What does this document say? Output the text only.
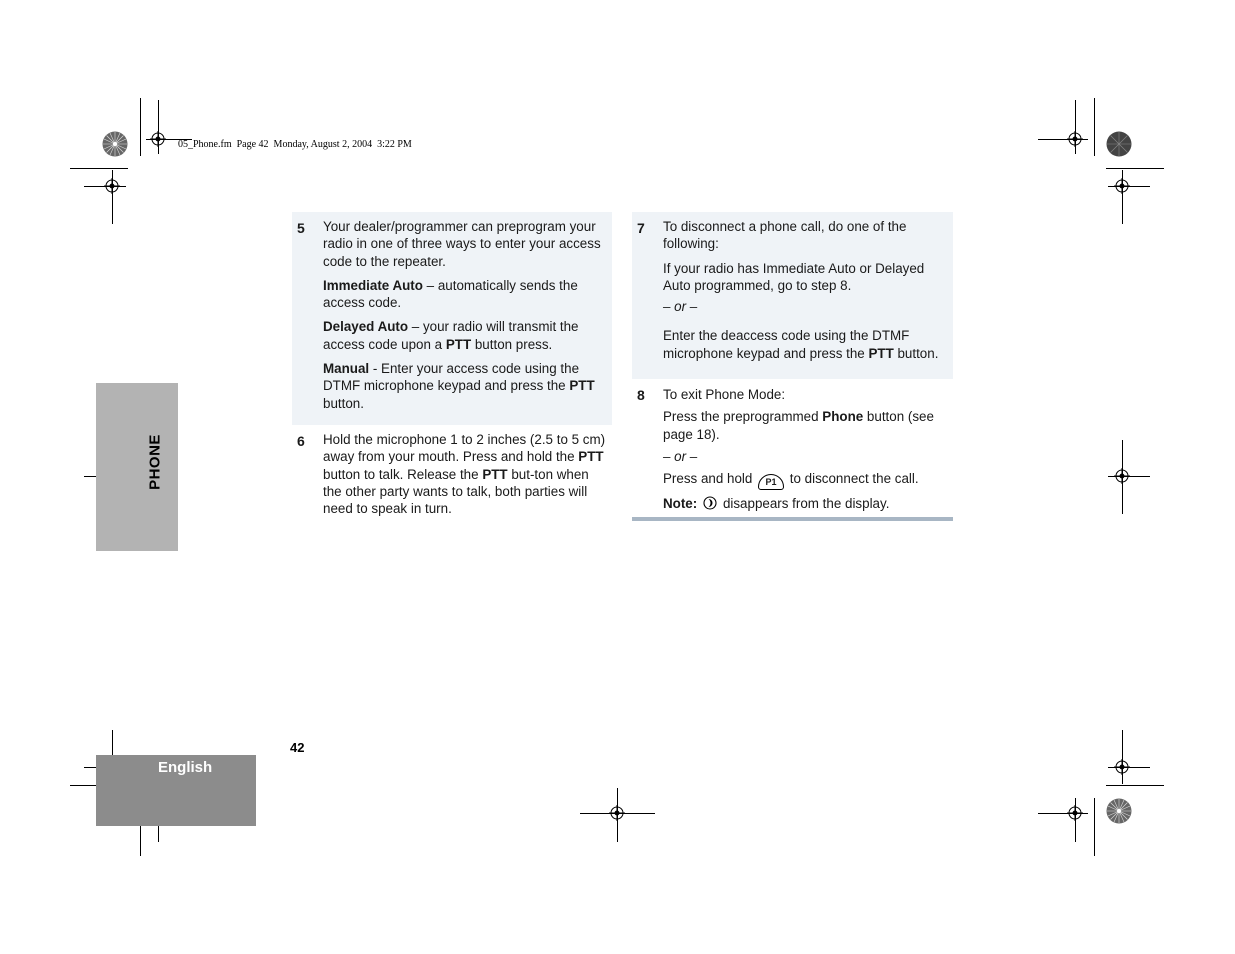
05_Phone.fm  Page 42  Monday, August 2, 2004  3:22 PM
PHONE
English
42
5 Your dealer/programmer can preprogram your radio in one of three ways to enter your access code to the repeater.

Immediate Auto – automatically sends the access code.

Delayed Auto – your radio will transmit the access code upon a PTT button press.

Manual - Enter your access code using the DTMF microphone keypad and press the PTT button.

6 Hold the microphone 1 to 2 inches (2.5 to 5 cm) away from your mouth. Press and hold the PTT button to talk. Release the PTT but-ton when the other party wants to talk, both parties will need to speak in turn.

7 To disconnect a phone call, do one of the following:

If your radio has Immediate Auto or Delayed Auto programmed, go to step 8.

– or –

Enter the deaccess code using the DTMF microphone keypad and press the PTT button.

8 To exit Phone Mode:

Press the preprogrammed Phone button (see page 18).

– or –

Press and hold P1 to disconnect the call.

Note: disappears from the display.
